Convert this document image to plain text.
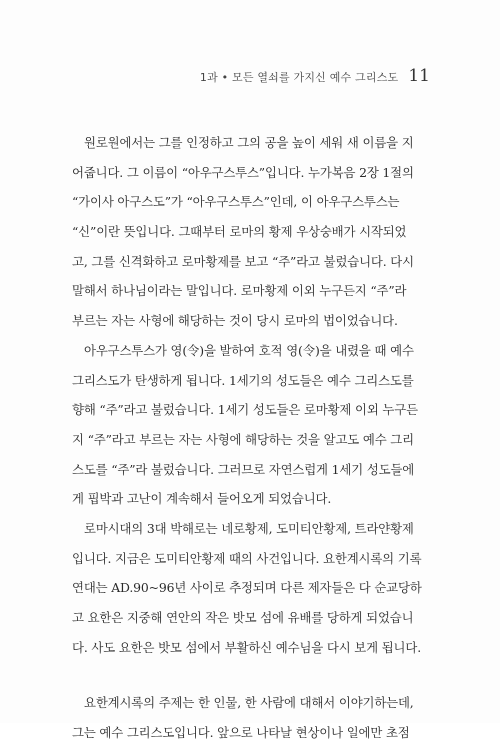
1과 • 모든 열쇠를 가지신 예수 그리스도 11
원로원에서는 그를 인정하고 그의 공을 높이 세워 새 이름을 지
어줍니다. 그 이름이 “아우구스투스”입니다. 누가복음 2장 1절의
“가이사 아구스도”가 “아우구스투스”인데, 이 아우구스투스는
“신”이란 뜻입니다. 그때부터 로마의 황제 우상숭배가 시작되었
고, 그를 신격화하고 로마황제를 보고 “주”라고 불렀습니다. 다시
말해서 하나님이라는 말입니다. 로마황제 이외 누구든지 “주”라
부르는 자는 사형에 해당하는 것이 당시 로마의 법이었습니다.
아우구스투스가 영(令)을 발하여 호적 영(令)을 내렸을 때 예수
그리스도가 탄생하게 됩니다. 1세기의 성도들은 예수 그리스도를
향해 “주”라고 불렀습니다. 1세기 성도들은 로마황제 이외 누구든
지 “주”라고 부르는 자는 사형에 해당하는 것을 알고도 예수 그리
스도를 “주”라 불렀습니다. 그러므로 자연스럽게 1세기 성도들에
게 핍박과 고난이 계속해서 들어오게 되었습니다.
로마시대의 3대 박해로는 네로황제, 도미티안황제, 트라얀황제
입니다. 지금은 도미티안황제 때의 사건입니다. 요한계시록의 기록
연대는 AD.90~96년 사이로 추정되며 다른 제자들은 다 순교당하
고 요한은 지중해 연안의 작은 밧모 섬에 유배를 당하게 되었습니
다. 사도 요한은 밧모 섬에서 부활하신 예수님을 다시 보게 됩니다.
요한계시록의 주제는 한 인물, 한 사람에 대해서 이야기하는데,
그는 예수 그리스도입니다. 앞으로 나타날 현상이나 일에만 초점
